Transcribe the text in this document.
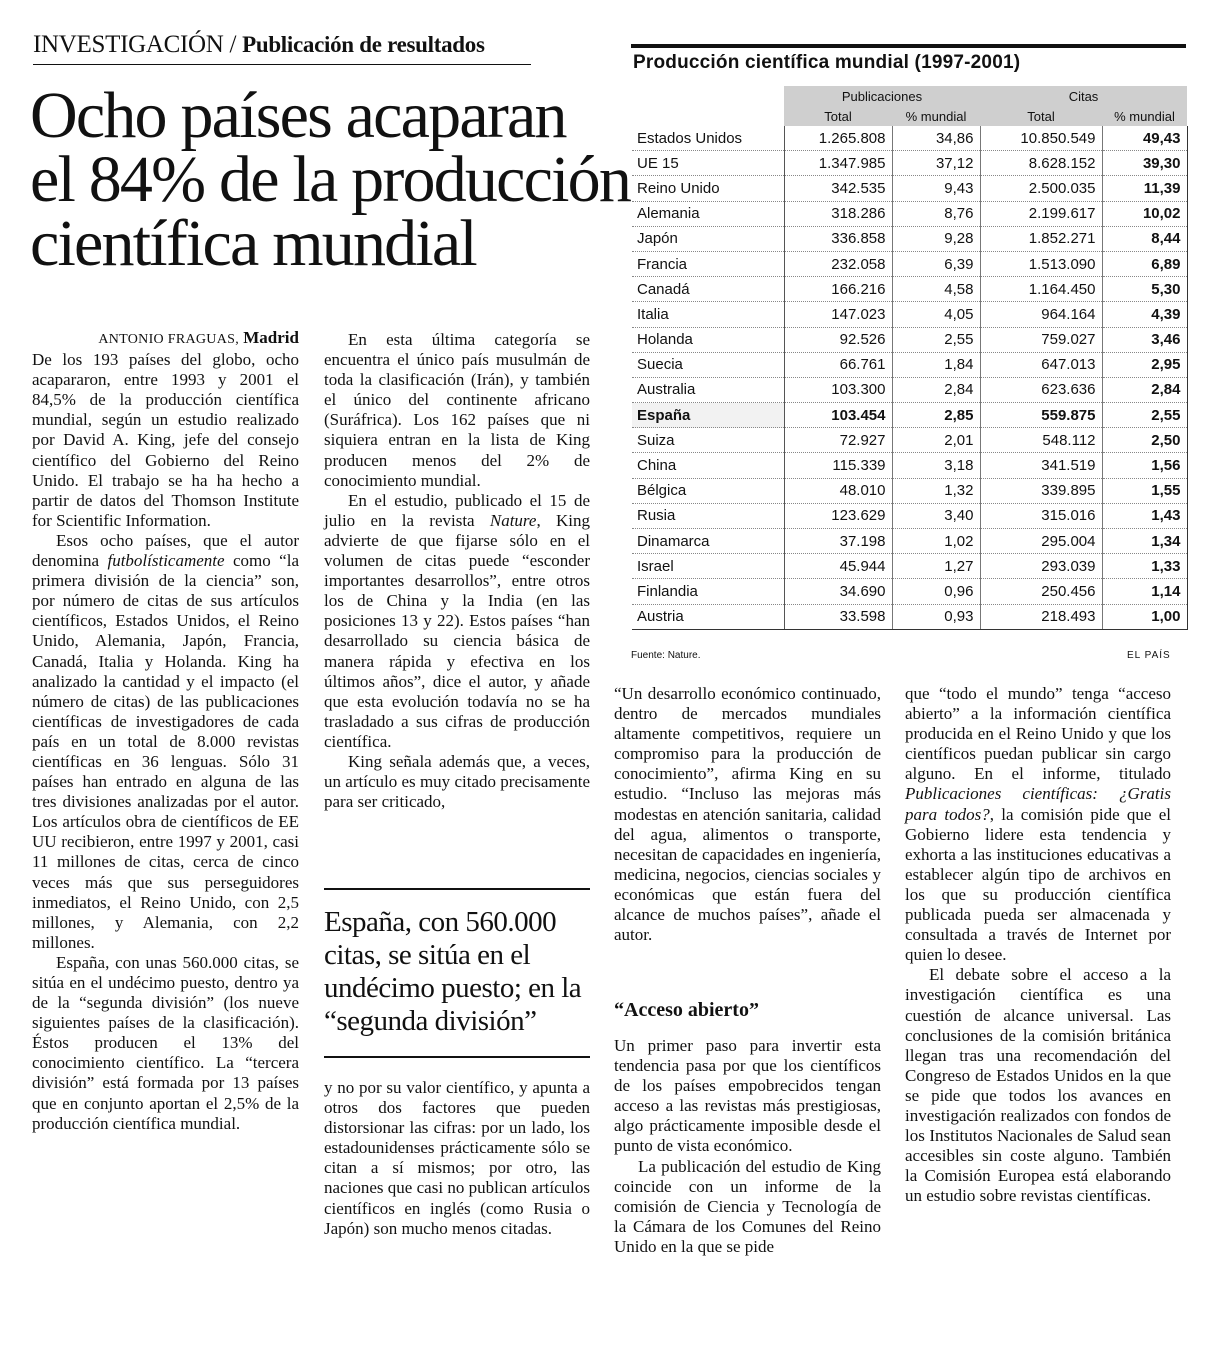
INVESTIGACIÓN / Publicación de resultados
Ocho países acaparan
el 84% de la producción
científica mundial

ANTONIO FRAGUAS, Madrid

De los 193 países del globo, ocho acapararon, entre 1993 y 2001 el 84,5% de la producción científica mundial, según un estudio realizado por David A. King, jefe del consejo científico del Gobierno del Reino Unido. El trabajo se ha ha hecho a partir de datos del Thomson Institute for Scientific Information.

Esos ocho países, que el autor denomina futbolísticamente como “la primera división de la ciencia” son, por número de citas de sus artículos científicos, Estados Unidos, el Reino Unido, Alemania, Japón, Francia, Canadá, Italia y Holanda. King ha analizado la cantidad y el impacto (el número de citas) de las publicaciones científicas de investigadores de cada país en un total de 8.000 revistas científicas en 36 lenguas. Sólo 31 países han entrado en alguna de las tres divisiones analizadas por el autor. Los artículos obra de científicos de EE UU recibieron, entre 1997 y 2001, casi 11 millones de citas, cerca de cinco veces más que sus perseguidores inmediatos, el Reino Unido, con 2,5 millones, y Alemania, con 2,2 millones.

España, con unas 560.000 citas, se sitúa en el undécimo puesto, dentro ya de la “segunda división” (los nueve siguientes países de la clasificación). Éstos producen el 13% del conocimiento científico. La “tercera división” está formada por 13 países que en conjunto aportan el 2,5% de la producción científica mundial.

En esta última categoría se encuentra el único país musulmán de toda la clasificación (Irán), y también el único del continente africano (Suráfrica). Los 162 países que ni siquiera entran en la lista de King producen menos del 2% de conocimiento mundial.

En el estudio, publicado el 15 de julio en la revista Nature, King advierte de que fijarse sólo en el volumen de citas puede “esconder importantes desarrollos”, entre otros los de China y la India (en las posiciones 13 y 22). Estos países “han desarrollado su ciencia básica de manera rápida y efectiva en los últimos años”, dice el autor, y añade que esta evolución todavía no se ha trasladado a sus cifras de producción científica.

King señala además que, a veces, un artículo es muy citado precisamente para ser criticado,

España, con 560.000 citas, se sitúa en el undécimo puesto; en la “segunda división”

y no por su valor científico, y apunta a otros dos factores que pueden distorsionar las cifras: por un lado, los estadounidenses prácticamente sólo se citan a sí mismos; por otro, las naciones que casi no publican artículos científicos en inglés (como Rusia o Japón) son mucho menos citadas.

Producción científica mundial (1997-2001)
	Publicaciones		Citas	
	Total	% mundial	Total	% mundial
Estados Unidos	1.265.808	34,86	10.850.549	49,43
UE 15	1.347.985	37,12	8.628.152	39,30
Reino Unido	342.535	9,43	2.500.035	11,39
Alemania	318.286	8,76	2.199.617	10,02
Japón	336.858	9,28	1.852.271	8,44
Francia	232.058	6,39	1.513.090	6,89
Canadá	166.216	4,58	1.164.450	5,30
Italia	147.023	4,05	964.164	4,39
Holanda	92.526	2,55	759.027	3,46
Suecia	66.761	1,84	647.013	2,95
Australia	103.300	2,84	623.636	2,84
España	103.454	2,85	559.875	2,55
Suiza	72.927	2,01	548.112	2,50
China	115.339	3,18	341.519	1,56
Bélgica	48.010	1,32	339.895	1,55
Rusia	123.629	3,40	315.016	1,43
Dinamarca	37.198	1,02	295.004	1,34
Israel	45.944	1,27	293.039	1,33
Finlandia	34.690	0,96	250.456	1,14
Austria	33.598	0,93	218.493	1,00
Fuente: Nature.	EL PAÍS

“Un desarrollo económico continuado, dentro de mercados mundiales altamente competitivos, requiere un compromiso para la producción de conocimiento”, afirma King en su estudio. “Incluso las mejoras más modestas en atención sanitaria, calidad del agua, alimentos o transporte, necesitan de capacidades en ingeniería, medicina, negocios, ciencias sociales y económicas que están fuera del alcance de muchos países”, añade el autor.

“Acceso abierto”

Un primer paso para invertir esta tendencia pasa por que los científicos de los países empobrecidos tengan acceso a las revistas más prestigiosas, algo prácticamente imposible desde el punto de vista económico.

La publicación del estudio de King coincide con un informe de la comisión de Ciencia y Tecnología de la Cámara de los Comunes del Reino Unido en la que se pide

que “todo el mundo” tenga “acceso abierto” a la información científica producida en el Reino Unido y que los científicos puedan publicar sin cargo alguno. En el informe, titulado Publicaciones científicas: ¿Gratis para todos?, la comisión pide que el Gobierno lidere esta tendencia y exhorta a las instituciones educativas a establecer algún tipo de archivos en los que su producción científica publicada pueda ser almacenada y consultada a través de Internet por quien lo desee.

El debate sobre el acceso a la investigación científica es una cuestión de alcance universal. Las conclusiones de la comisión británica llegan tras una recomendación del Congreso de Estados Unidos en la que se pide que todos los avances en investigación realizados con fondos de los Institutos Nacionales de Salud sean accesibles sin coste alguno. También la Comisión Europea está elaborando un estudio sobre revistas científicas.
